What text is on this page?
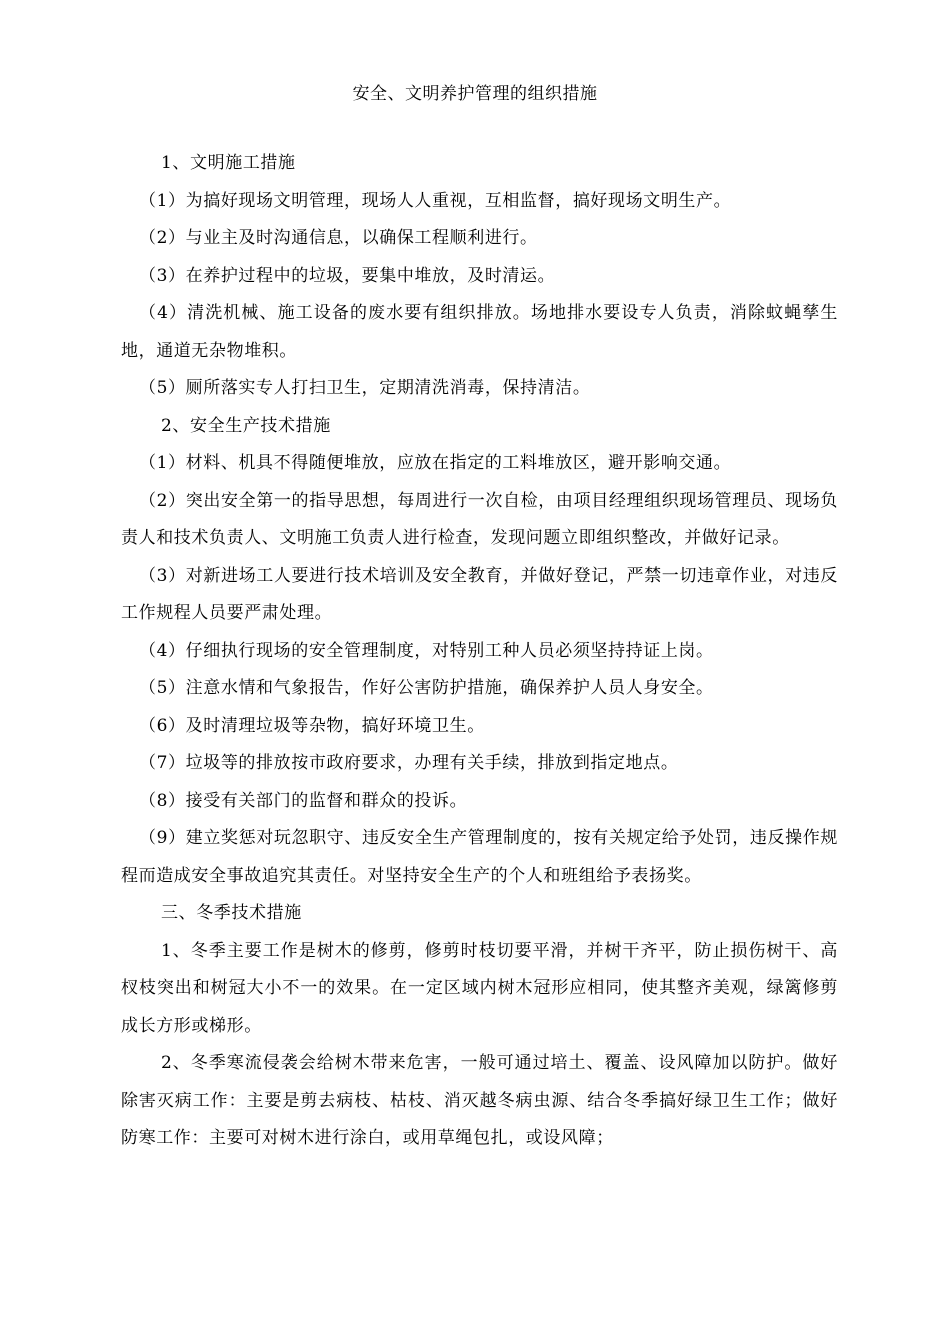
安全、文明养护管理的组织措施

1、文明施工措施

（1）为搞好现场文明管理，现场人人重视，互相监督，搞好现场文明生产。

（2）与业主及时沟通信息，以确保工程顺利进行。

（3）在养护过程中的垃圾，要集中堆放，及时清运。

（4）清洗机械、施工设备的废水要有组织排放。场地排水要设专人负责，消除蚊蝇孳生地，通道无杂物堆积。

（5）厕所落实专人打扫卫生，定期清洗消毒，保持清洁。

2、安全生产技术措施

（1）材料、机具不得随便堆放，应放在指定的工料堆放区，避开影响交通。

（2）突出安全第一的指导思想，每周进行一次自检，由项目经理组织现场管理员、现场负责人和技术负责人、文明施工负责人进行检查，发现问题立即组织整改，并做好记录。

（3）对新进场工人要进行技术培训及安全教育，并做好登记，严禁一切违章作业，对违反工作规程人员要严肃处理。

（4）仔细执行现场的安全管理制度，对特别工种人员必须坚持持证上岗。

（5）注意水情和气象报告，作好公害防护措施，确保养护人员人身安全。

（6）及时清理垃圾等杂物，搞好环境卫生。

（7）垃圾等的排放按市政府要求，办理有关手续，排放到指定地点。

（8）接受有关部门的监督和群众的投诉。

（9）建立奖惩对玩忽职守、违反安全生产管理制度的，按有关规定给予处罚，违反操作规程而造成安全事故追究其责任。对坚持安全生产的个人和班组给予表扬奖。

三、冬季技术措施

1、冬季主要工作是树木的修剪，修剪时枝切要平滑，并树干齐平，防止损伤树干、高杈枝突出和树冠大小不一的效果。在一定区域内树木冠形应相同，使其整齐美观，绿篱修剪成长方形或梯形。

2、冬季寒流侵袭会给树木带来危害，一般可通过培土、覆盖、设风障加以防护。做好除害灭病工作：主要是剪去病枝、枯枝、消灭越冬病虫源、结合冬季搞好绿卫生工作；做好防寒工作：主要可对树木进行涂白，或用草绳包扎，或设风障；
